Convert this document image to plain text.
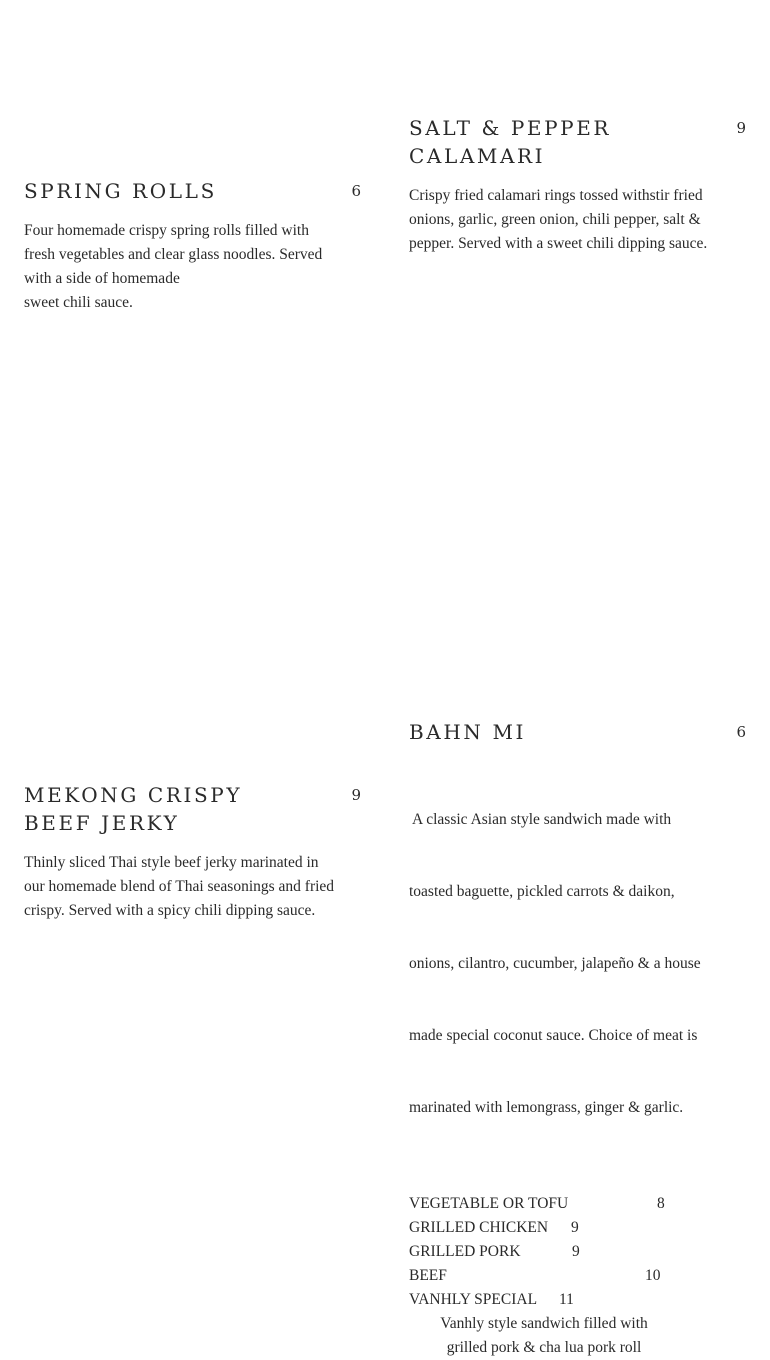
SPRING ROLLS	6

Four homemade crispy spring rolls filled with
fresh vegetables and clear glass noodles. Served
with a side of homemade
sweet chili sauce.

SALT & PEPPER
CALAMARI
9

Crispy fried calamari rings tossed withstir fried
onions, garlic, green onion, chili pepper, salt &
pepper. Served with a sweet chili dipping sauce.

MEKONG CRISPY
BEEF JERKY
9

Thinly sliced Thai style beef jerky marinated in
our homemade blend of Thai seasonings and fried
crispy. Served with a spicy chili dipping sauce.

BAHN MI	6

A classic Asian style sandwich made with

toasted baguette, pickled carrots & daikon,

onions, cilantro, cucumber, jalapeño & a house

made special coconut sauce. Choice of meat is

marinated with lemongrass, ginger & garlic.

VEGETABLE OR TOFU	8
GRILLED CHICKEN 9
GRILLED PORK	9
BEEF	10
VANHLY SPECIAL 11
Vanhly style sandwich filled with
grilled pork & cha lua pork roll
